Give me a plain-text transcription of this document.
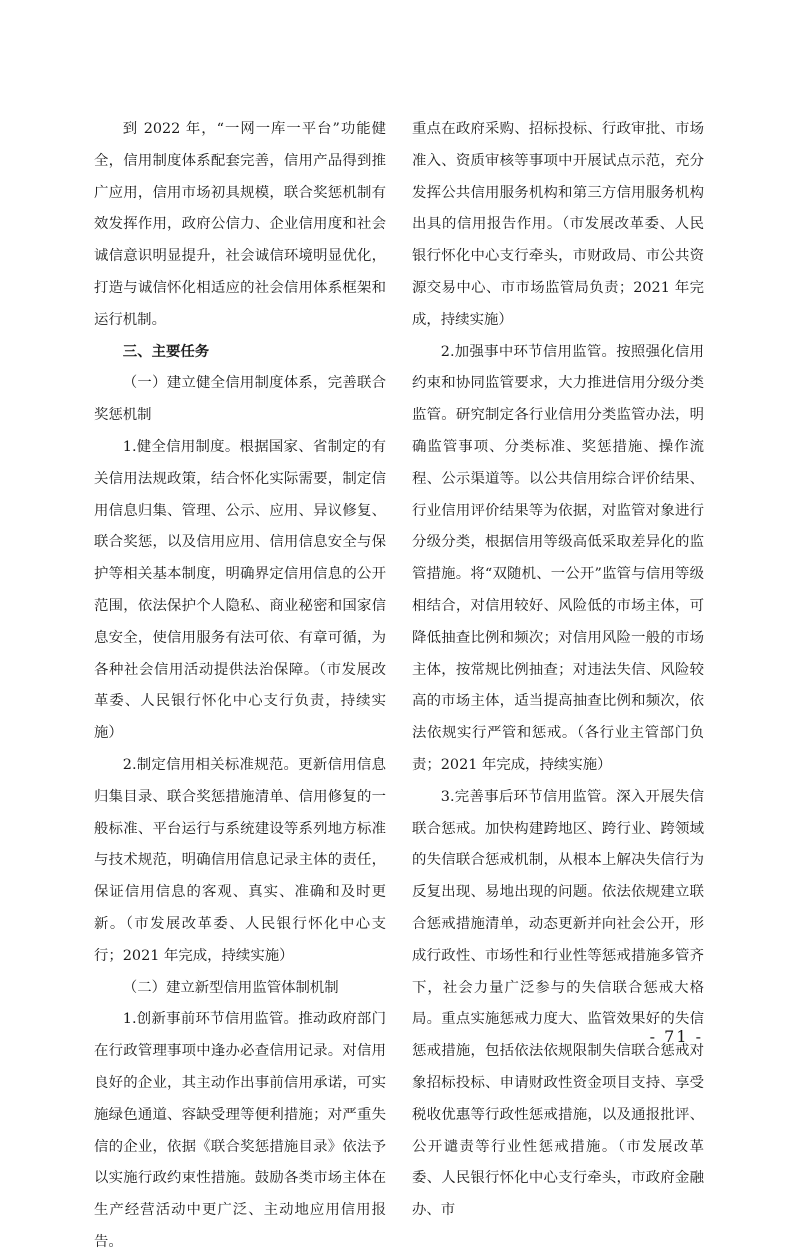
到 2022 年，“一网一库一平台”功能健全，信用制度体系配套完善，信用产品得到推广应用，信用市场初具规模，联合奖惩机制有效发挥作用，政府公信力、企业信用度和社会诚信意识明显提升，社会诚信环境明显优化，打造与诚信怀化相适应的社会信用体系框架和运行机制。

三、主要任务

（一）建立健全信用制度体系，完善联合奖惩机制

1.健全信用制度。根据国家、省制定的有关信用法规政策，结合怀化实际需要，制定信用信息归集、管理、公示、应用、异议修复、联合奖惩，以及信用应用、信用信息安全与保护等相关基本制度，明确界定信用信息的公开范围，依法保护个人隐私、商业秘密和国家信息安全，使信用服务有法可依、有章可循，为各种社会信用活动提供法治保障。（市发展改革委、人民银行怀化中心支行负责，持续实施）

2.制定信用相关标准规范。更新信用信息归集目录、联合奖惩措施清单、信用修复的一般标准、平台运行与系统建设等系列地方标准与技术规范，明确信用信息记录主体的责任，保证信用信息的客观、真实、准确和及时更新。（市发展改革委、人民银行怀化中心支行；2021 年完成，持续实施）

（二）建立新型信用监管体制机制

1.创新事前环节信用监管。推动政府部门在行政管理事项中逢办必查信用记录。对信用良好的企业，其主动作出事前信用承诺，可实施绿色通道、容缺受理等便利措施；对严重失信的企业，依据《联合奖惩措施目录》依法予以实施行政约束性措施。鼓励各类市场主体在生产经营活动中更广泛、主动地应用信用报告。

重点在政府采购、招标投标、行政审批、市场准入、资质审核等事项中开展试点示范，充分发挥公共信用服务机构和第三方信用服务机构出具的信用报告作用。（市发展改革委、人民银行怀化中心支行牵头，市财政局、市公共资源交易中心、市市场监管局负责；2021 年完成，持续实施）

2.加强事中环节信用监管。按照强化信用约束和协同监管要求，大力推进信用分级分类监管。研究制定各行业信用分类监管办法，明确监管事项、分类标准、奖惩措施、操作流程、公示渠道等。以公共信用综合评价结果、行业信用评价结果等为依据，对监管对象进行分级分类，根据信用等级高低采取差异化的监管措施。将“双随机、一公开”监管与信用等级相结合，对信用较好、风险低的市场主体，可降低抽查比例和频次；对信用风险一般的市场主体，按常规比例抽查；对违法失信、风险较高的市场主体，适当提高抽查比例和频次，依法依规实行严管和惩戒。（各行业主管部门负责；2021 年完成，持续实施）

3.完善事后环节信用监管。深入开展失信联合惩戒。加快构建跨地区、跨行业、跨领域的失信联合惩戒机制，从根本上解决失信行为反复出现、易地出现的问题。依法依规建立联合惩戒措施清单，动态更新并向社会公开，形成行政性、市场性和行业性等惩戒措施多管齐下，社会力量广泛参与的失信联合惩戒大格局。重点实施惩戒力度大、监管效果好的失信惩戒措施，包括依法依规限制失信联合惩戒对象招标投标、申请财政性资金项目支持、享受税收优惠等行政性惩戒措施，以及通报批评、公开谴责等行业性惩戒措施。（市发展改革委、人民银行怀化中心支行牵头，市政府金融办、市

- 71 -
